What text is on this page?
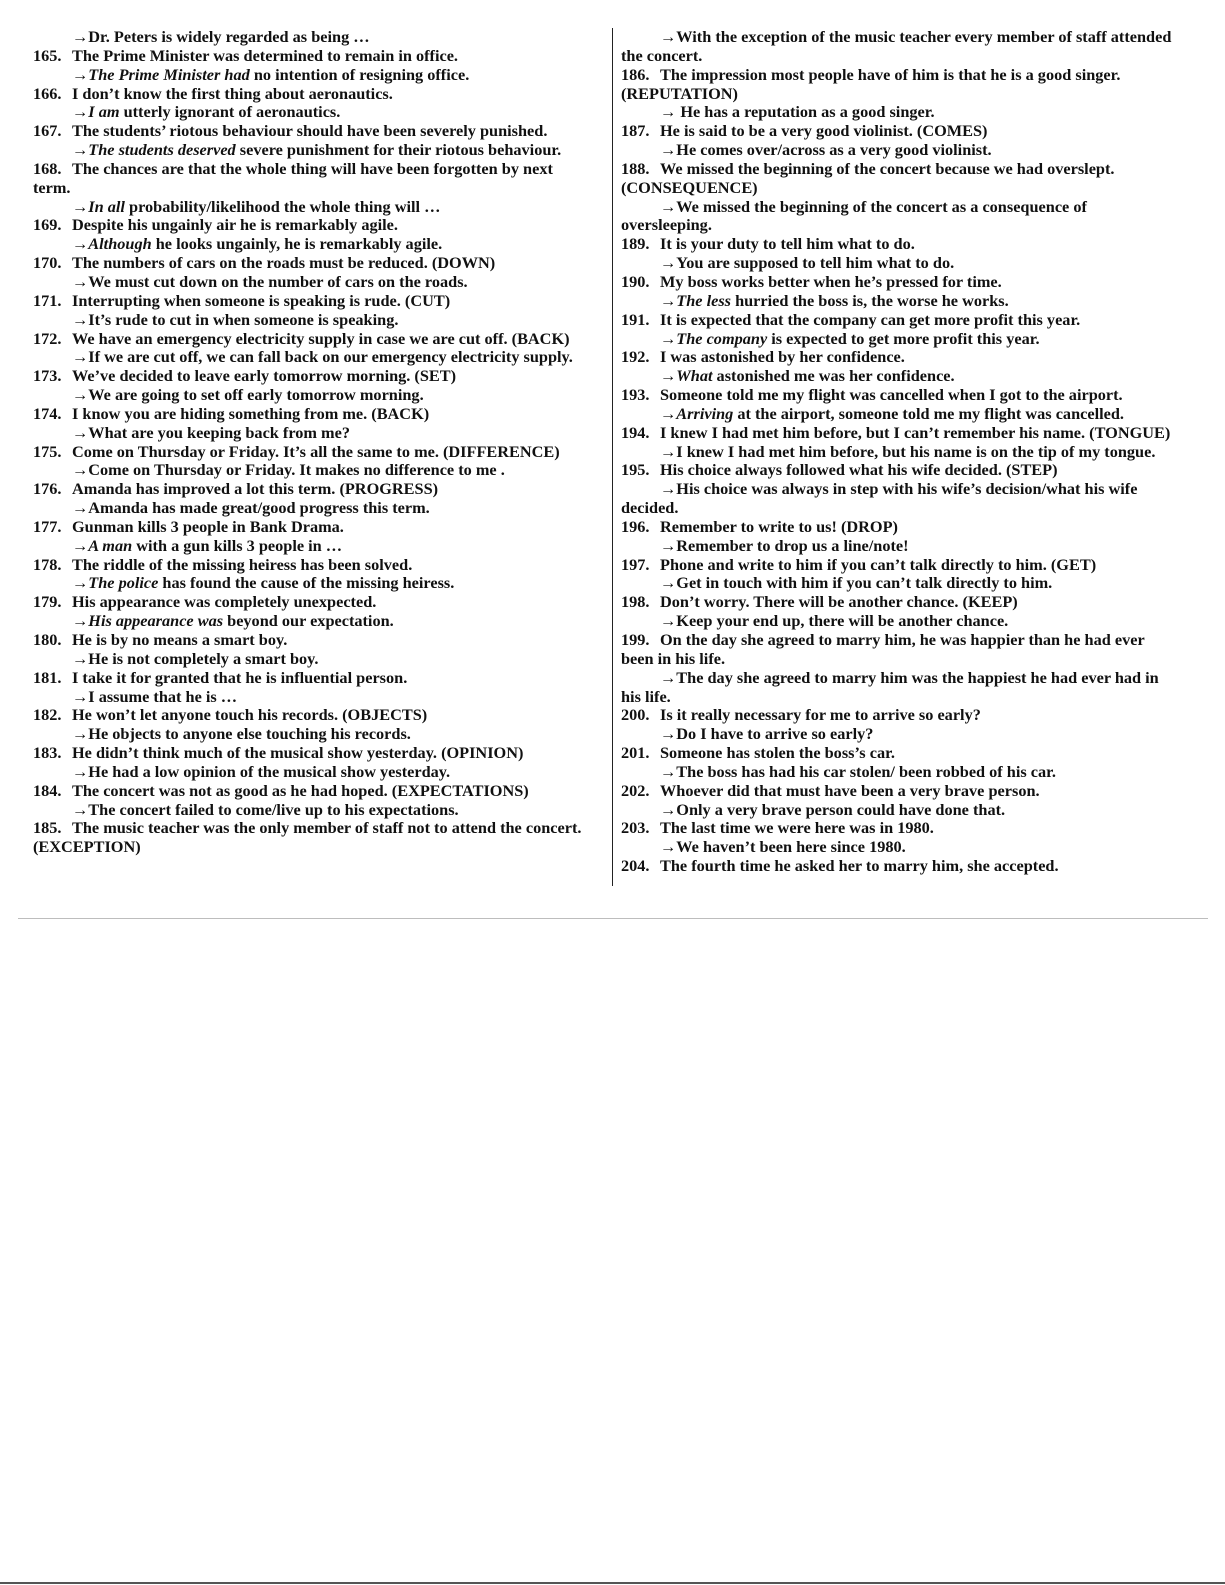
→Dr. Peters is widely regarded as being …
165. The Prime Minister was determined to remain in office.
→The Prime Minister had no intention of resigning office.
166. I don’t know the first thing about aeronautics.
→I am utterly ignorant of aeronautics.
167. The students’ riotous behaviour should have been severely punished.
→The students deserved severe punishment for their riotous behaviour.
168. The chances are that the whole thing will have been forgotten by next
term.
→In all probability/likelihood the whole thing will …
169. Despite his ungainly air he is remarkably agile.
→Although he looks ungainly, he is remarkably agile.
170. The numbers of cars on the roads must be reduced. (DOWN)
→We must cut down on the number of cars on the roads.
171. Interrupting when someone is speaking is rude. (CUT)
→It’s rude to cut in when someone is speaking.
172. We have an emergency electricity supply in case we are cut off. (BACK)
→If we are cut off, we can fall back on our emergency electricity supply.
173. We’ve decided to leave early tomorrow morning. (SET)
→We are going to set off early tomorrow morning.
174. I know you are hiding something from me. (BACK)
→What are you keeping back from me?
175. Come on Thursday or Friday. It’s all the same to me. (DIFFERENCE)
→Come on Thursday or Friday. It makes no difference to me .
176. Amanda has improved a lot this term. (PROGRESS)
→Amanda has made great/good progress this term.
177. Gunman kills 3 people in Bank Drama.
→A man with a gun kills 3 people in …
178. The riddle of the missing heiress has been solved.
→The police has found the cause of the missing heiress.
179. His appearance was completely unexpected.
→His appearance was beyond our expectation.
180. He is by no means a smart boy.
→He is not completely a smart boy.
181. I take it for granted that he is influential person.
→I assume that he is …
182. He won’t let anyone touch his records. (OBJECTS)
→He objects to anyone else touching his records.
183. He didn’t think much of the musical show yesterday. (OPINION)
→He had a low opinion of the musical show yesterday.
184. The concert was not as good as he had hoped. (EXPECTATIONS)
→The concert failed to come/live up to his expectations.
185. The music teacher was the only member of staff not to attend the concert.
(EXCEPTION)
→With the exception of the music teacher every member of staff attended
the concert.
186. The impression most people have of him is that he is a good singer.
(REPUTATION)
→ He has a reputation as a good singer.
187. He is said to be a very good violinist. (COMES)
→He comes over/across as a very good violinist.
188. We missed the beginning of the concert because we had overslept.
(CONSEQUENCE)
→We missed the beginning of the concert as a consequence of
oversleeping.
189. It is your duty to tell him what to do.
→You are supposed to tell him what to do.
190. My boss works better when he’s pressed for time.
→The less hurried the boss is, the worse he works.
191. It is expected that the company can get more profit this year.
→The company is expected to get more profit this year.
192. I was astonished by her confidence.
→What astonished me was her confidence.
193. Someone told me my flight was cancelled when I got to the airport.
→Arriving at the airport, someone told me my flight was cancelled.
194. I knew I had met him before, but I can’t remember his name. (TONGUE)
→I knew I had met him before, but his name is on the tip of my tongue.
195. His choice always followed what his wife decided. (STEP)
→His choice was always in step with his wife’s decision/what his wife
decided.
196. Remember to write to us! (DROP)
→Remember to drop us a line/note!
197. Phone and write to him if you can’t talk directly to him. (GET)
→Get in touch with him if you can’t talk directly to him.
198. Don’t worry. There will be another chance. (KEEP)
→Keep your end up, there will be another chance.
199. On the day she agreed to marry him, he was happier than he had ever
been in his life.
→The day she agreed to marry him was the happiest he had ever had in
his life.
200. Is it really necessary for me to arrive so early?
→Do I have to arrive so early?
201. Someone has stolen the boss’s car.
→The boss has had his car stolen/ been robbed of his car.
202. Whoever did that must have been a very brave person.
→Only a very brave person could have done that.
203. The last time we were here was in 1980.
→We haven’t been here since 1980.
204. The fourth time he asked her to marry him, she accepted.
